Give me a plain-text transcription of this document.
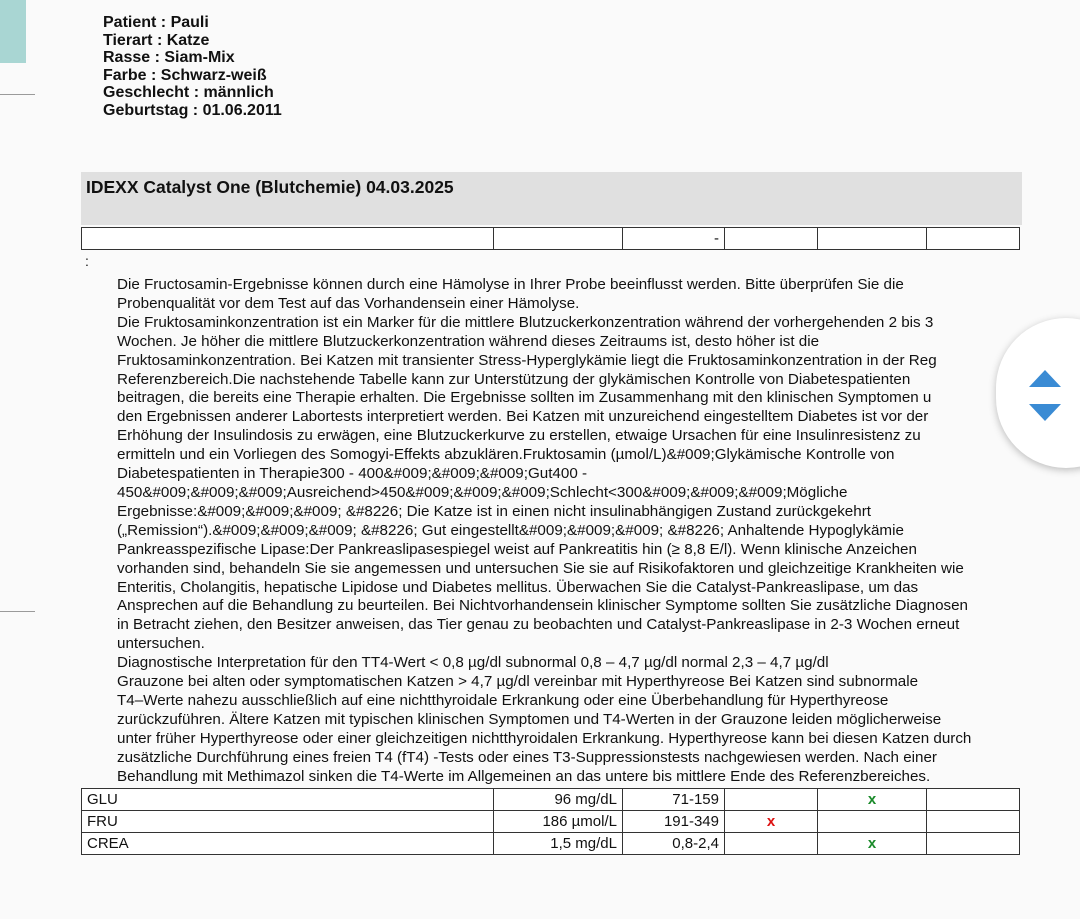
Patient : Pauli
Tierart : Katze
Rasse : Siam-Mix
Farbe : Schwarz-weiß
Geschlecht : männlich
Geburtstag : 01.06.2011
IDEXX Catalyst One (Blutchemie) 04.03.2025
		-			
:
Die Fructosamin-Ergebnisse können durch eine Hämolyse in Ihrer Probe beeinflusst werden. Bitte überprüfen Sie die
Probenqualität vor dem Test auf das Vorhandensein einer Hämolyse.
Die Fruktosaminkonzentration ist ein Marker für die mittlere Blutzuckerkonzentration während der vorhergehenden 2 bis 3
Wochen. Je höher die mittlere Blutzuckerkonzentration während dieses Zeitraums ist, desto höher ist die
Fruktosaminkonzentration. Bei Katzen mit transienter Stress-Hyperglykämie liegt die Fruktosaminkonzentration in der Reg
Referenzbereich.Die nachstehende Tabelle kann zur Unterstützung der glykämischen Kontrolle von Diabetespatienten
beitragen, die bereits eine Therapie erhalten. Die Ergebnisse sollten im Zusammenhang mit den klinischen Symptomen u
den Ergebnissen anderer Labortests interpretiert werden. Bei Katzen mit unzureichend eingestelltem Diabetes ist vor der
Erhöhung der Insulindosis zu erwägen, eine Blutzuckerkurve zu erstellen, etwaige Ursachen für eine Insulinresistenz zu
ermitteln und ein Vorliegen des Somogyi-Effekts abzuklären.Fruktosamin (µmol/L)&#009;Glykämische Kontrolle von
Diabetespatienten in Therapie300 - 400&#009;&#009;&#009;Gut400 -
450&#009;&#009;&#009;Ausreichend>450&#009;&#009;&#009;Schlecht<300&#009;&#009;&#009;Mögliche
Ergebnisse:&#009;&#009;&#009; &#8226; Die Katze ist in einen nicht insulinabhängigen Zustand zurückgekehrt
(„Remission“).&#009;&#009;&#009; &#8226; Gut eingestellt&#009;&#009;&#009; &#8226; Anhaltende Hypoglykämie
Pankreasspezifische Lipase:Der Pankreaslipasespiegel weist auf Pankreatitis hin (≥ 8,8 E/l). Wenn klinische Anzeichen
vorhanden sind, behandeln Sie sie angemessen und untersuchen Sie sie auf Risikofaktoren und gleichzeitige Krankheiten wie
Enteritis, Cholangitis, hepatische Lipidose und Diabetes mellitus. Überwachen Sie die Catalyst-Pankreaslipase, um das
Ansprechen auf die Behandlung zu beurteilen. Bei Nichtvorhandensein klinischer Symptome sollten Sie zusätzliche Diagnosen
in Betracht ziehen, den Besitzer anweisen, das Tier genau zu beobachten und Catalyst-Pankreaslipase in 2-3 Wochen erneut
untersuchen.
Diagnostische Interpretation für den TT4-Wert < 0,8 µg/dl subnormal 0,8 – 4,7 µg/dl normal 2,3 – 4,7 µg/dl
Grauzone bei alten oder symptomatischen Katzen > 4,7 µg/dl vereinbar mit Hyperthyreose Bei Katzen sind subnormale
T4–Werte nahezu ausschließlich auf eine nichtthyroidale Erkrankung oder eine Überbehandlung für Hyperthyreose
zurückzuführen. Ältere Katzen mit typischen klinischen Symptomen und T4-Werten in der Grauzone leiden möglicherweise
unter früher Hyperthyreose oder einer gleichzeitigen nichtthyroidalen Erkrankung. Hyperthyreose kann bei diesen Katzen durch
zusätzliche Durchführung eines freien T4 (fT4) -Tests oder eines T3-Suppressionstests nachgewiesen werden. Nach einer
Behandlung mit Methimazol sinken die T4-Werte im Allgemeinen an das untere bis mittlere Ende des Referenzbereiches.
GLU	96 mg/dL	71-159		x	
FRU	186 µmol/L	191-349	x		
CREA	1,5 mg/dL	0,8-2,4		x	
